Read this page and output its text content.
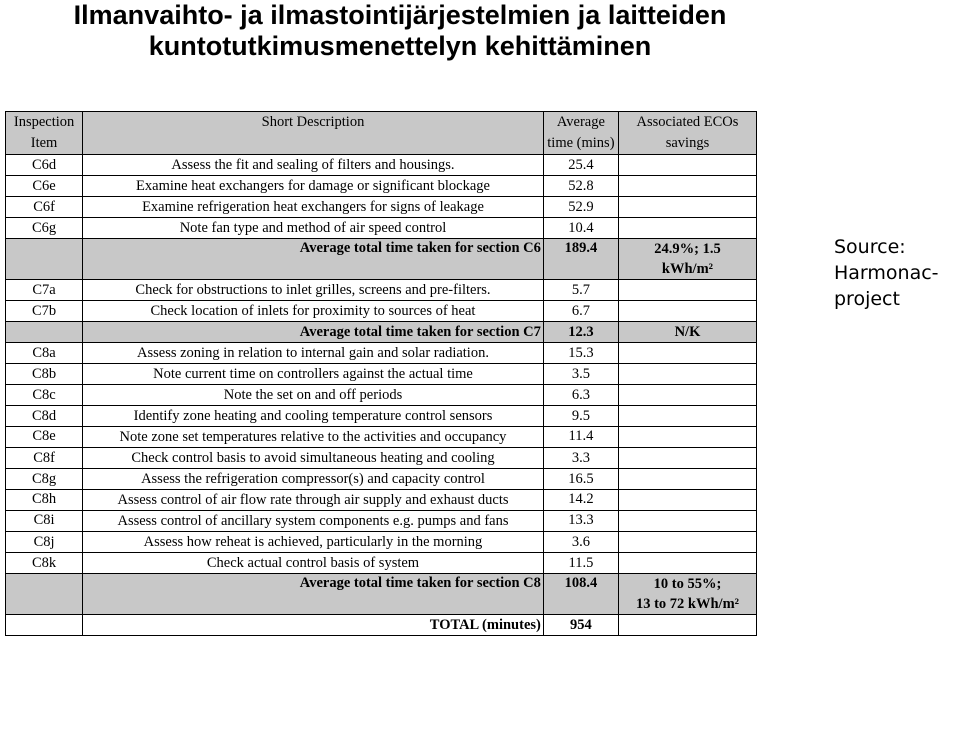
Ilmanvaihto- ja ilmastointijärjestelmien ja laitteiden
kuntotutkimusmenettelyn kehittäminen
Source:
Harmonac-
project
Inspection Item	Short Description	Average time (mins)	Associated ECOs savings
C6d	Assess the fit and sealing of filters and housings.	25.4	
C6e	Examine heat exchangers for damage or significant blockage	52.8	
C6f	Examine refrigeration heat exchangers for signs of leakage	52.9	
C6g	Note fan type and method of air speed control	10.4	
	Average total time taken for section C6	189.4	24.9%; 1.5
kWh/m²

C7a	Check for obstructions to inlet grilles, screens and pre-filters.	5.7	
C7b	Check location of inlets for proximity to sources of heat	6.7	
	Average total time taken for section C7	12.3	N/K
C8a	Assess zoning in relation to internal gain and solar radiation.	15.3	
C8b	Note current time on controllers against the actual time	3.5	
C8c	Note the set on and off periods	6.3	
C8d	Identify zone heating and cooling temperature control sensors	9.5	
C8e	Note zone set temperatures relative to the activities and occupancy	11.4	
C8f	Check control basis to avoid simultaneous heating and cooling	3.3	
C8g	Assess the refrigeration compressor(s) and capacity control	16.5	
C8h	Assess control of air flow rate through air supply and exhaust ducts	14.2	
C8i	Assess control of ancillary system components e.g. pumps and fans	13.3	
C8j	Assess how reheat is achieved, particularly in the morning	3.6	
C8k	Check actual control basis of system	11.5	
	Average total time taken for section C8	108.4	10 to 55%;
13 to 72 kWh/m²

	TOTAL (minutes)	954	
